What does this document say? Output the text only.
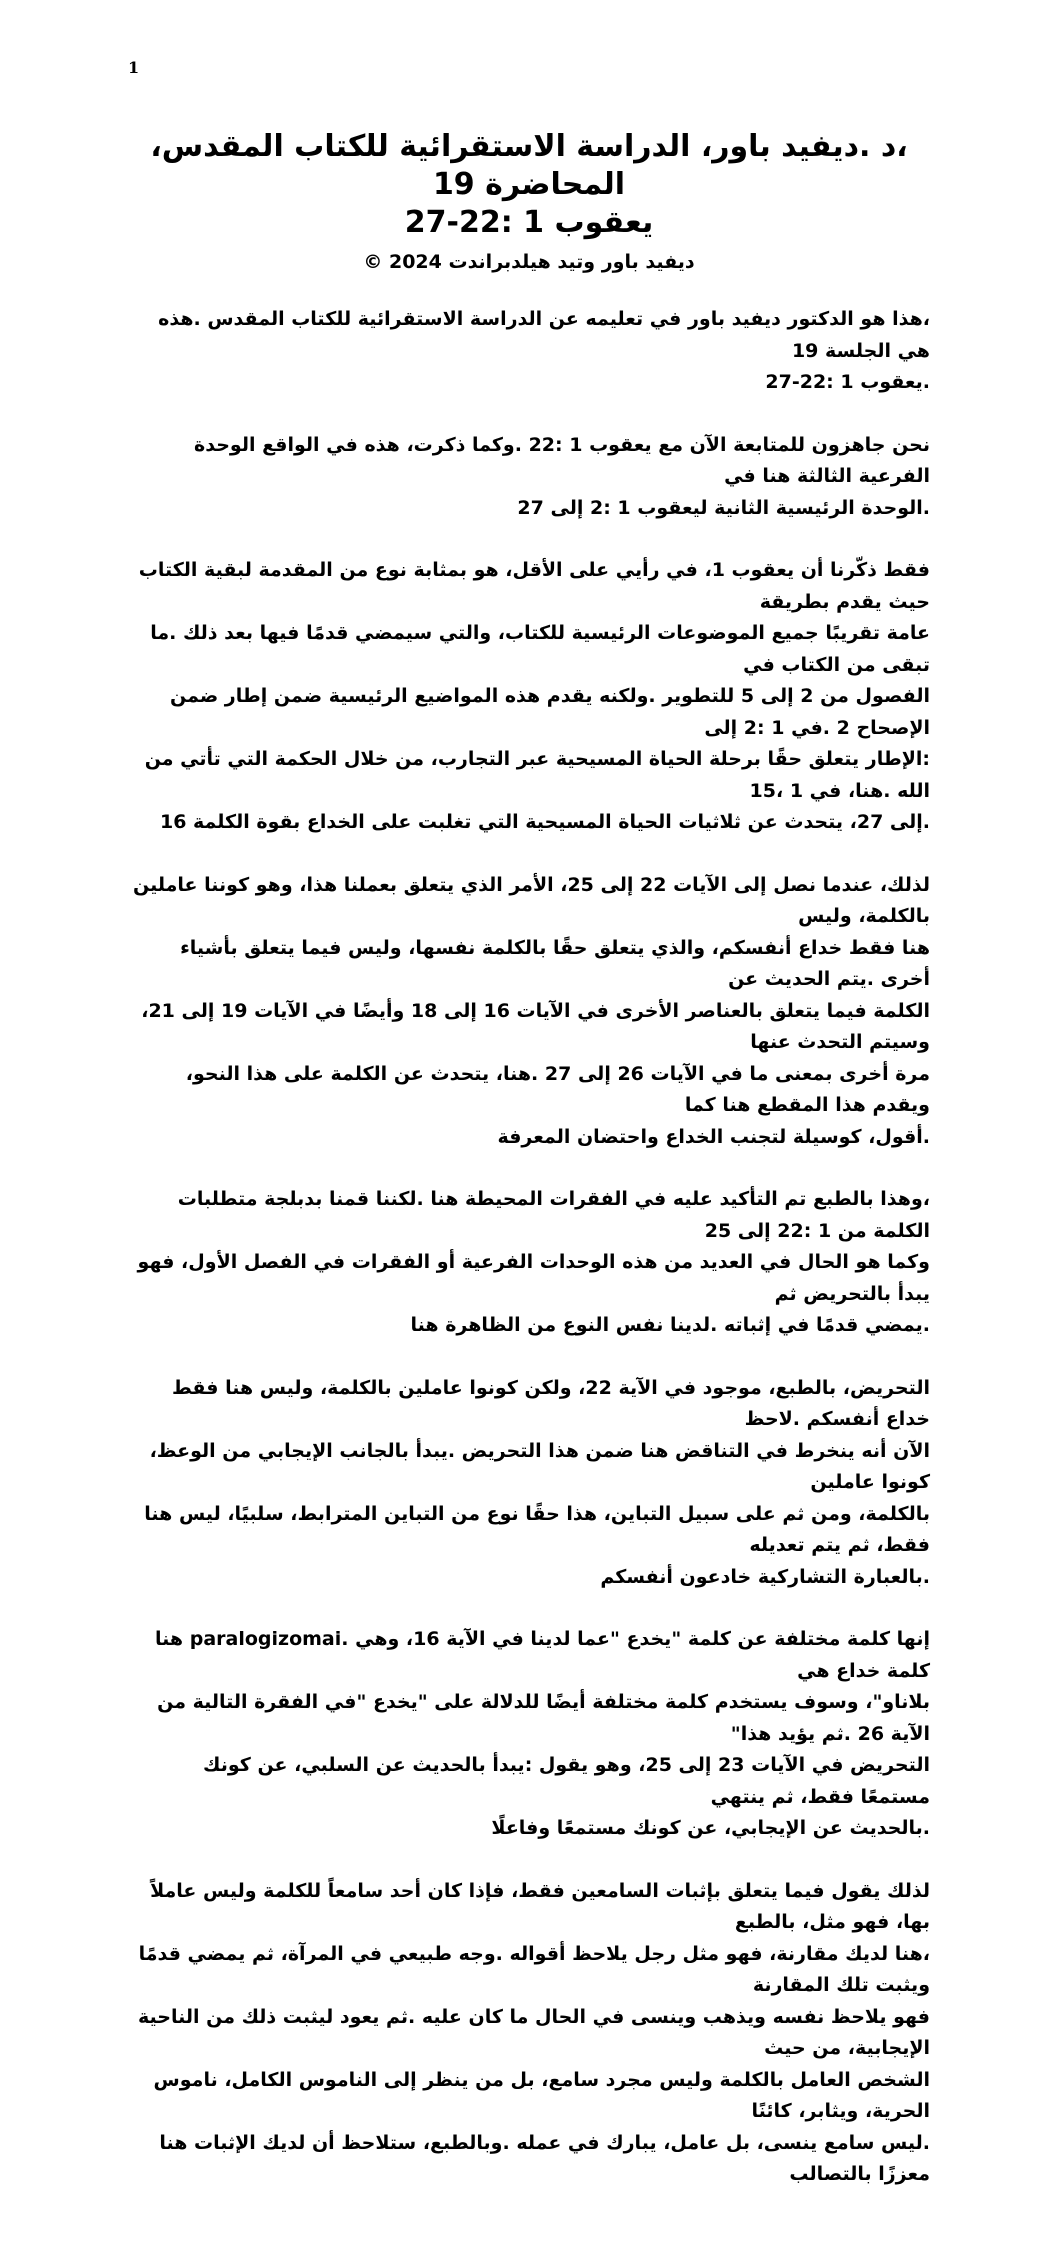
1
،د .ديفيد باور، الدراسة الاستقرائية للكتاب المقدس، المحاضرة 19
يعقوب 1 :22-27
ديفيد باور وتيد هيلدبراندت 2024 ©
،هذا هو الدكتور ديفيد باور في تعليمه عن الدراسة الاستقرائية للكتاب المقدس .هذه هي الجلسة 19
.يعقوب 1 :22-27
نحن جاهزون للمتابعة الآن مع يعقوب 1 :22 .وكما ذكرت، هذه في الواقع الوحدة الفرعية الثالثة هنا في
.الوحدة الرئيسية الثانية ليعقوب 1 :2 إلى 27
فقط ذكّرنا أن يعقوب 1، في رأيي على الأقل، هو بمثابة نوع من المقدمة لبقية الكتاب حيث يقدم بطريقة
عامة تقريبًا جميع الموضوعات الرئيسية للكتاب، والتي سيمضي قدمًا فيها بعد ذلك .ما تبقى من الكتاب في
الفصول من 2 إلى 5 للتطوير .ولكنه يقدم هذه المواضيع الرئيسية ضمن إطار ضمن الإصحاح 2 .في 1 :2 إلى
:الإطار يتعلق حقًا برحلة الحياة المسيحية عبر التجارب، من خلال الحكمة التي تأتي من الله .هنا، في 1 ،15
.إلى 27، يتحدث عن ثلاثيات الحياة المسيحية التي تغلبت على الخداع بقوة الكلمة 16
لذلك، عندما نصل إلى الآيات 22 إلى 25، الأمر الذي يتعلق بعملنا هذا، وهو كوننا عاملين بالكلمة، وليس
هنا فقط خداع أنفسكم، والذي يتعلق حقًا بالكلمة نفسها، وليس فيما يتعلق بأشياء أخرى .يتم الحديث عن
الكلمة فيما يتعلق بالعناصر الأخرى في الآيات 16 إلى 18 وأيضًا في الآيات 19 إلى 21، وسيتم التحدث عنها
مرة أخرى بمعنى ما في الآيات 26 إلى 27 .هنا، يتحدث عن الكلمة على هذا النحو، ويقدم هذا المقطع هنا كما
.أقول، كوسيلة لتجنب الخداع واحتضان المعرفة
،وهذا بالطبع تم التأكيد عليه في الفقرات المحيطة هنا .لكننا قمنا بدبلجة متطلبات الكلمة من 1 :22 إلى 25
وكما هو الحال في العديد من هذه الوحدات الفرعية أو الفقرات في الفصل الأول، فهو يبدأ بالتحريض ثم
.يمضي قدمًا في إثباته .لدينا نفس النوع من الظاهرة هنا
التحريض، بالطبع، موجود في الآية 22، ولكن كونوا عاملين بالكلمة، وليس هنا فقط خداع أنفسكم .لاحظ
الآن أنه ينخرط في التناقض هنا ضمن هذا التحريض .يبدأ بالجانب الإيجابي من الوعظ، كونوا عاملين
بالكلمة، ومن ثم على سبيل التباين، هذا حقًا نوع من التباين المترابط، سلبيًا، ليس هنا فقط، ثم يتم تعديله
.بالعبارة التشاركية خادعون أنفسكم
إنها كلمة مختلفة عن كلمة "يخدع "عما لدينا في الآية 16، وهي .paralogizomai هنا كلمة خداع هي
بلاناو"، وسوف يستخدم كلمة مختلفة أيضًا للدلالة على "يخدع "في الفقرة التالية من الآية 26 .ثم يؤيد هذا"
التحريض في الآيات 23 إلى 25، وهو يقول :يبدأ بالحديث عن السلبي، عن كونك مستمعًا فقط، ثم ينتهي
.بالحديث عن الإيجابي، عن كونك مستمعًا وفاعلًا
لذلك يقول فيما يتعلق بإثبات السامعين فقط، فإذا كان أحد سامعاً للكلمة وليس عاملاً بها، فهو مثل، بالطبع
،هنا لديك مقارنة، فهو مثل رجل يلاحظ أقواله .وجه طبيعي في المرآة، ثم يمضي قدمًا ويثبت تلك المقارنة
فهو يلاحظ نفسه ويذهب وينسى في الحال ما كان عليه .ثم يعود ليثبت ذلك من الناحية الإيجابية، من حيث
الشخص العامل بالكلمة وليس مجرد سامع، بل من ينظر إلى الناموس الكامل، ناموس الحرية، ويثابر، كائنًا
.ليس سامع ينسى، بل عامل، يبارك في عمله .وبالطبع، ستلاحظ أن لديك الإثبات هنا معززًا بالتصالب
